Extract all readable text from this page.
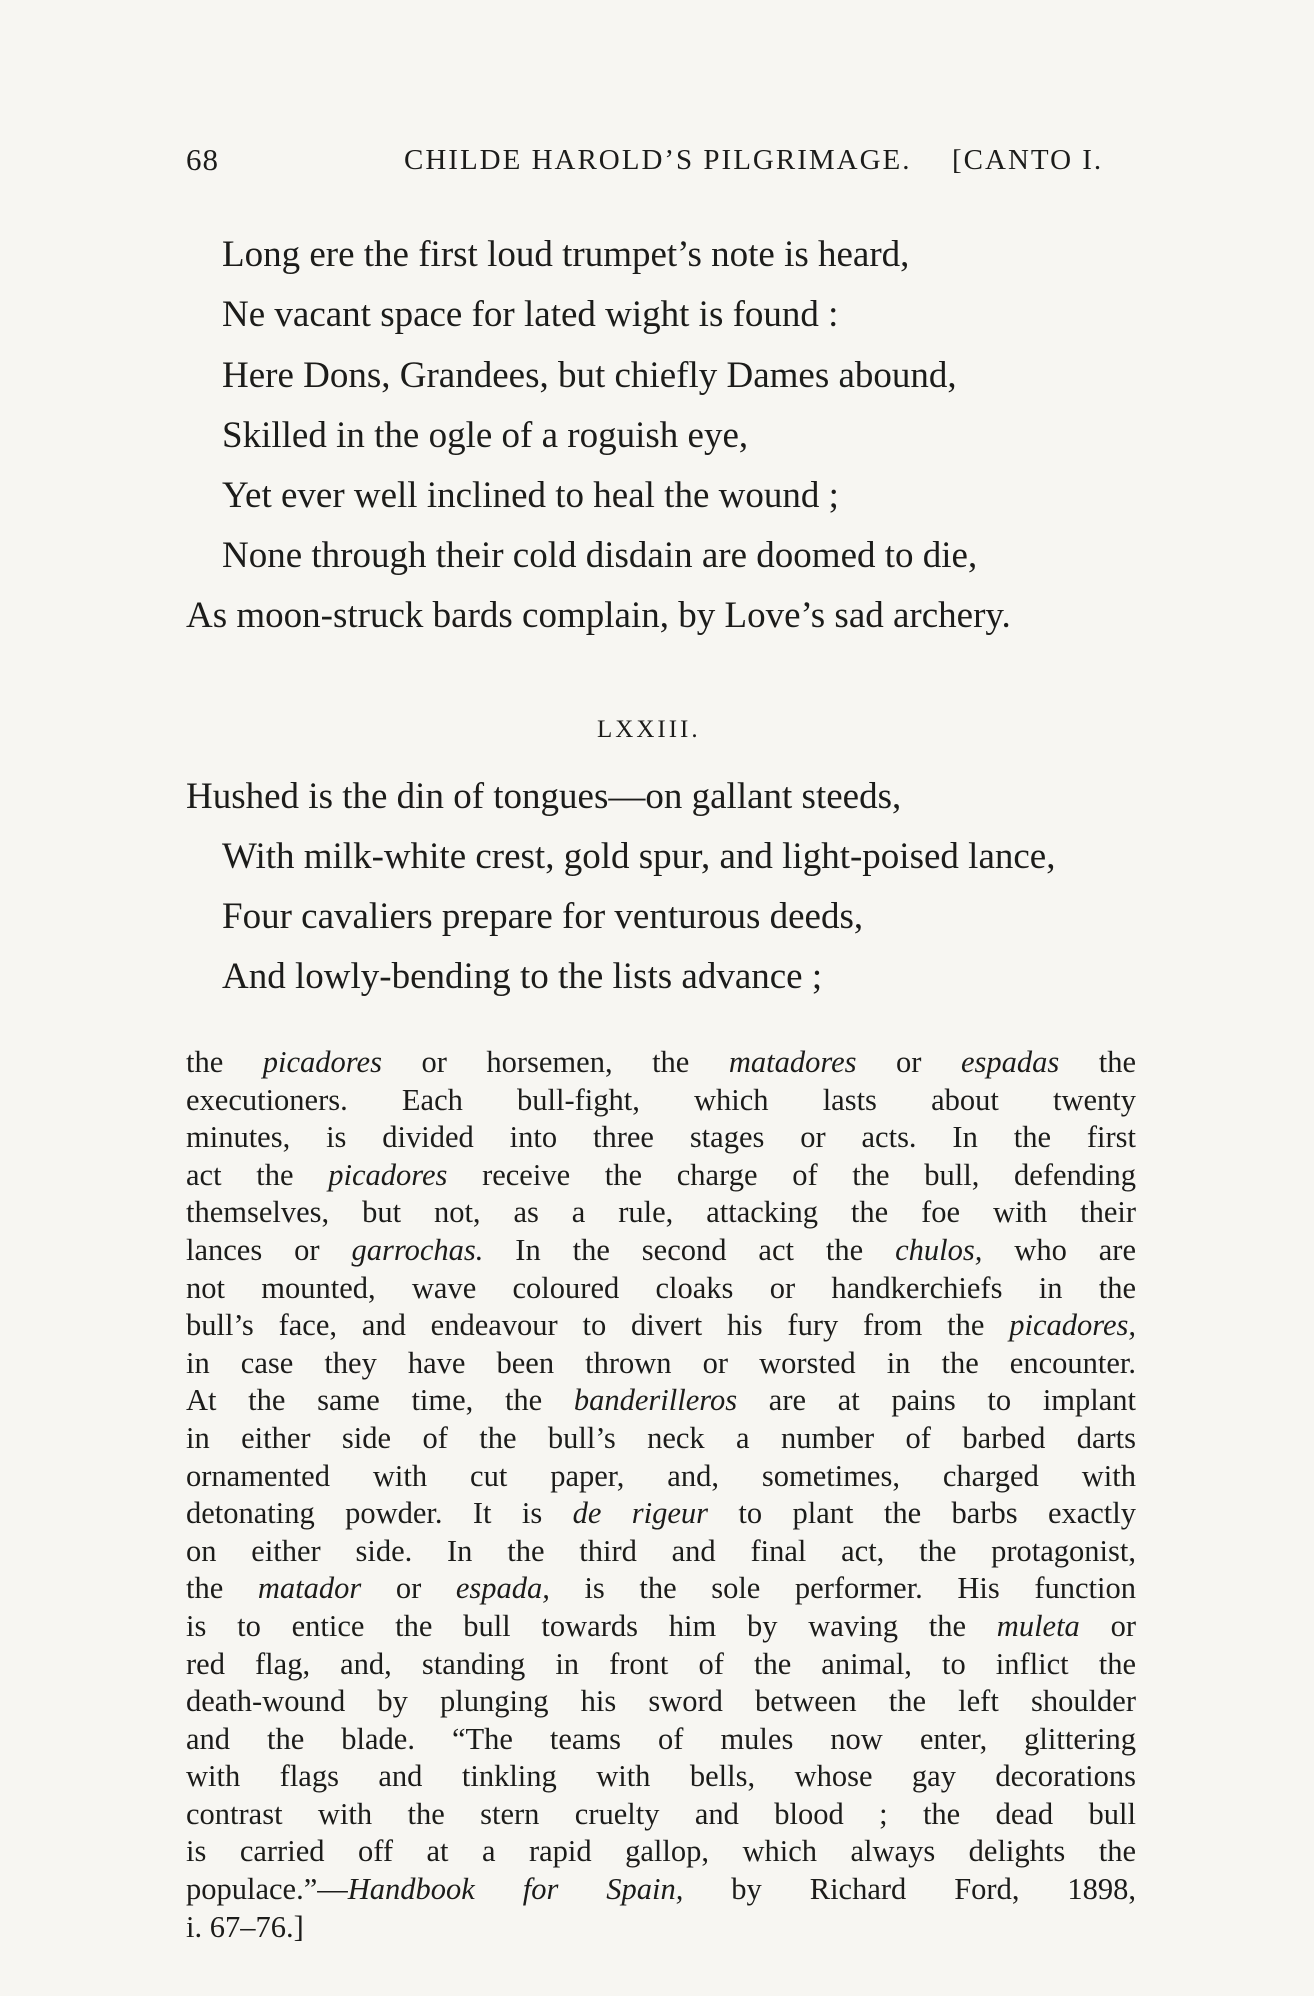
68	CHILDE HAROLD’S PILGRIMAGE. [CANTO I.
Long ere the first loud trumpet’s note is heard,
Ne vacant space for lated wight is found :
Here Dons, Grandees, but chiefly Dames abound,
Skilled in the ogle of a roguish eye,
Yet ever well inclined to heal the wound ;
None through their cold disdain are doomed to die,
As moon-struck bards complain, by Love’s sad archery.
LXXIII.
Hushed is the din of tongues—on gallant steeds,
With milk-white crest, gold spur, and light-poised lance,
Four cavaliers prepare for venturous deeds,
And lowly-bending to the lists advance ;
the picadores or horsemen, the matadores or espadas the
executioners. Each bull-fight, which lasts about twenty
minutes, is divided into three stages or acts. In the first
act the picadores receive the charge of the bull, defending
themselves, but not, as a rule, attacking the foe with their
lances or garrochas. In the second act the chulos, who are
not mounted, wave coloured cloaks or handkerchiefs in the
bull’s face, and endeavour to divert his fury from the picadores,
in case they have been thrown or worsted in the encounter.
At the same time, the banderilleros are at pains to implant
in either side of the bull’s neck a number of barbed darts
ornamented with cut paper, and, sometimes, charged with
detonating powder. It is de rigeur to plant the barbs exactly
on either side. In the third and final act, the protagonist,
the matador or espada, is the sole performer. His function
is to entice the bull towards him by waving the muleta or
red flag, and, standing in front of the animal, to inflict the
death-wound by plunging his sword between the left shoulder
and the blade. “The teams of mules now enter, glittering
with flags and tinkling with bells, whose gay decorations
contrast with the stern cruelty and blood ; the dead bull
is carried off at a rapid gallop, which always delights the
populace.”—Handbook for Spain, by Richard Ford, 1898,
i. 67–76.]
